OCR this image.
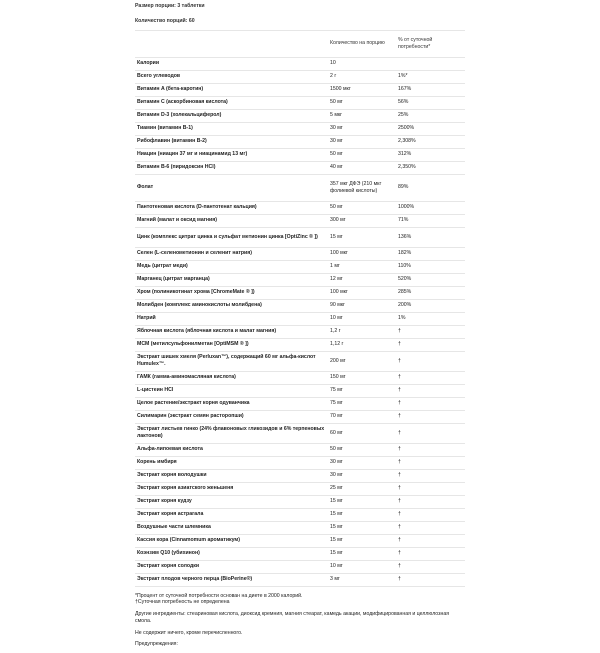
Размер порции: 3 таблетки

Количество порций: 60

	Количество на порцию	% от суточной потребности*
Калории	10	
Всего углеводов	2 г	1%*
Витамин A (бета-каротин)	1500 мкг	167%
Витамин C (аскорбиновая кислота)	50 мг	56%
Витамин D-3 (холекальциферол)	5 мкг	25%
Тиамин (витамин B-1)	30 мг	2500%
Рибофлавин (витамин B-2)	30 мг	2,308%
Ниацин (ниацин 37 мг и ниацинамид 13 мг)	50 мг	312%
Витамин B-6 (пиридоксин HCl)	40 мг	2,350%
Фолат	357 мкг ДФЭ (210 мкг фолиевой кислоты)	89%
Пантотеновая кислота (D-пантотенат кальция)	50 мг	1000%
Магний (малат и оксид магния)	300 мг	71%
Цинк (комплекс цитрат цинка и сульфат метионин цинка [OptiZinc ® ])	15 мг	136%
Селен (L-селенометионин и селенит натрия)	100 мкг	182%
Медь (цитрат меди)	1 мг	110%
Марганец (цитрат марганца)	12 мг	520%
Хром (полиникотинат хрома [ChromeMate ® ])	100 мкг	285%
Молибден (комплекс аминокислоты молибдена)	90 мкг	200%
Натрий	10 мг	1%
Яблочная кислота (яблочная кислота и малат магния)	1,2 г	†
МСМ (метилсульфонилметан [OptiMSM ® ])	1,12 г	†
Экстракт шишек хмеля (Perluxan™), содержащий 60 мг альфа-кислот Humulex™.	200 мг	†
ГАМК (гамма-аминомасляная кислота)	150 мг	†
L-цистеин HCl	75 мг	†
Целое растение/экстракт корня одуванчика	75 мг	†
Силимарин (экстракт семян расторопши)	70 мг	†
Экстракт листьев гинко (24% флавоновых гликозидов и 6% терпеновых лактонов)	60 мг	†
Альфа-липоевая кислота	50 мг	†
Корень имбиря	30 мг	†
Экстракт корня володушки	30 мг	†
Экстракт корня азиатского женьшеня	25 мг	†
Экстракт корня кудзу	15 мг	†
Экстракт корня астрагала	15 мг	†
Воздушные части шлемника	15 мг	†
Кассия кора (Cinnamomum ароматикум)	15 мг	†
Коэнзим Q10 (убихинон)	15 мг	†
Экстракт корня солодки	10 мг	†
Экстракт плодов черного перца (BioPerine®)	3 мг	†

*Процент от суточной потребности основан на диете в 2000 калорий.

†Суточная потребность не определена

Другие ингредиенты: стеариновая кислота, диоксид кремния, магния стеарат, камедь акации, модифицированная и целлюлозная смола.

Не содержит ничего, кроме перечисленного.

Предупреждения:
